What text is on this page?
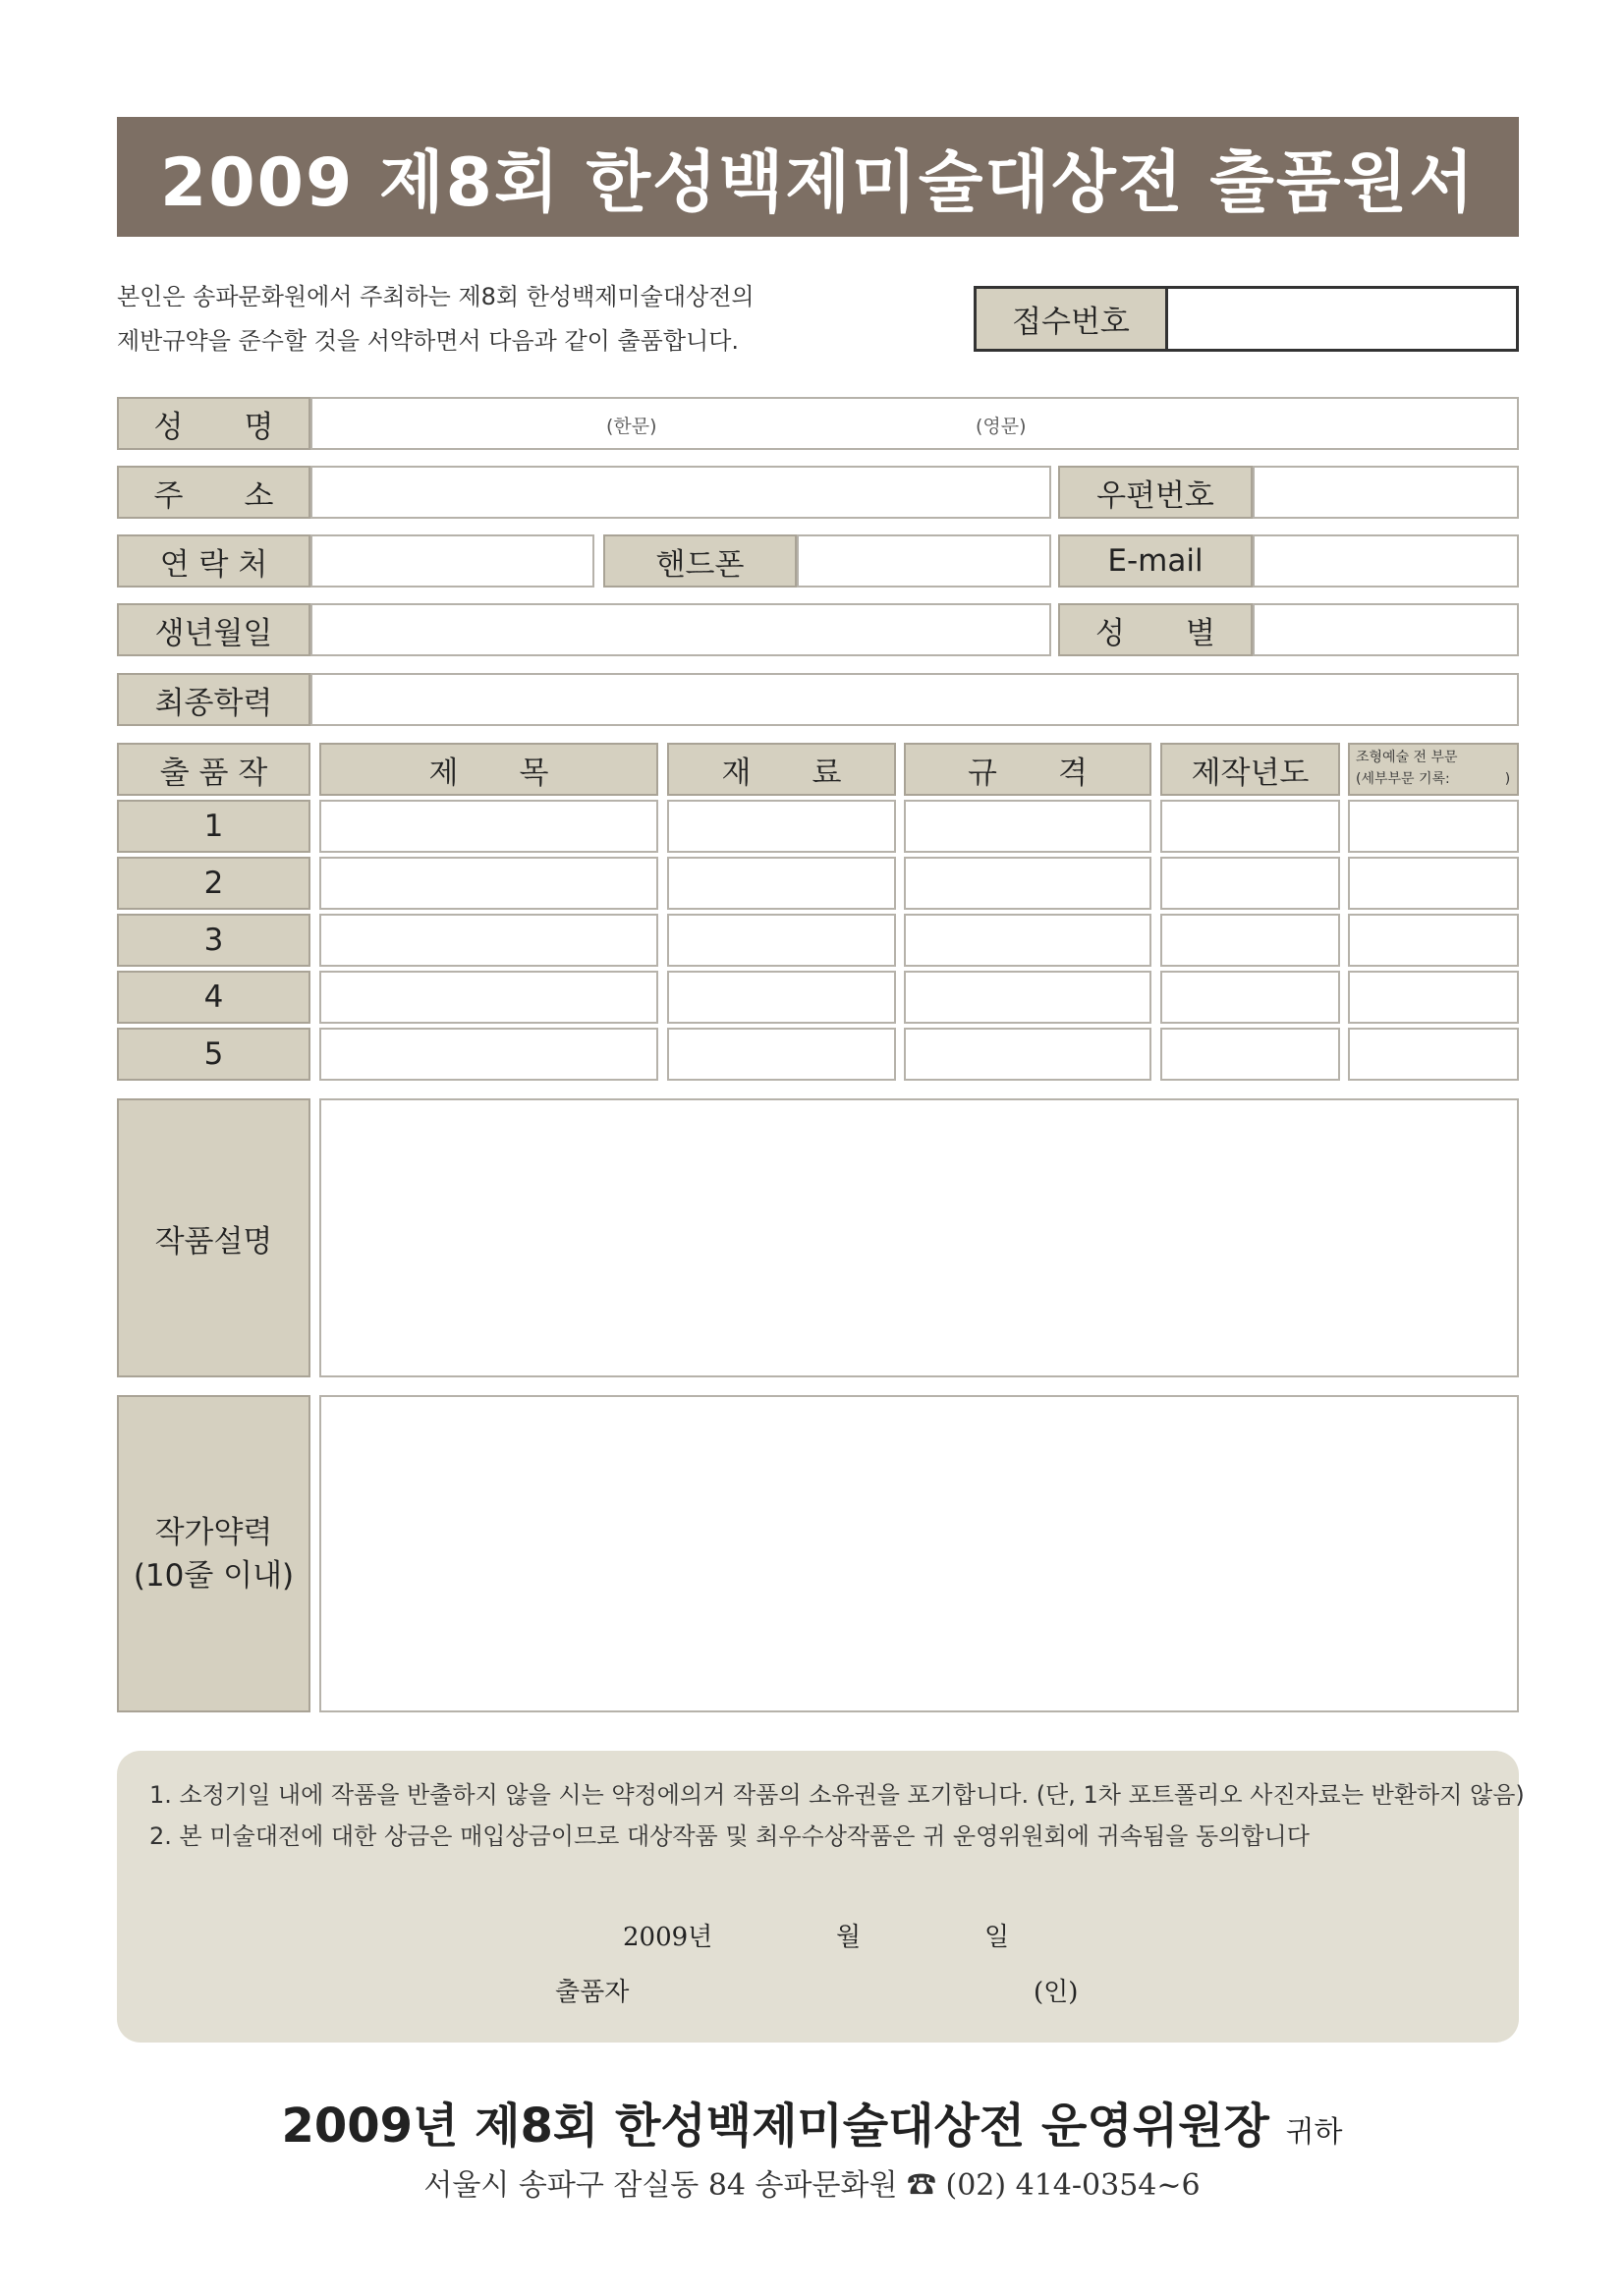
2009 제8회 한성백제미술대상전 출품원서
본인은 송파문화원에서 주최하는 제8회 한성백제미술대상전의
제반규약을 준수할 것을 서약하면서 다음과 같이 출품합니다.
접수번호
성　　명	(한문)	(영문)
주　　소	우편번호
연 락 처	핸드폰	E-mail
생년월일	성　　별
최종학력
출 품 작	제　　목	재　　료	규　　격	제작년도	조형예술 전 부문
(세부부문 기록:　　　　)
1
2
3
4
5
작품설명
작가약력
(10줄 이내)
1. 소정기일 내에 작품을 반출하지 않을 시는 약정에의거 작품의 소유권을 포기합니다. (단, 1차 포트폴리오 사진자료는 반환하지 않음)
2. 본 미술대전에 대한 상금은 매입상금이므로 대상작품 및 최우수상작품은 귀 운영위원회에 귀속됨을 동의합니다
2009년	월	일
출품자	(인)
2009년 제8회 한성백제미술대상전 운영위원장 귀하
서울시 송파구 잠실동 84 송파문화원 ☎ (02) 414-0354~6
